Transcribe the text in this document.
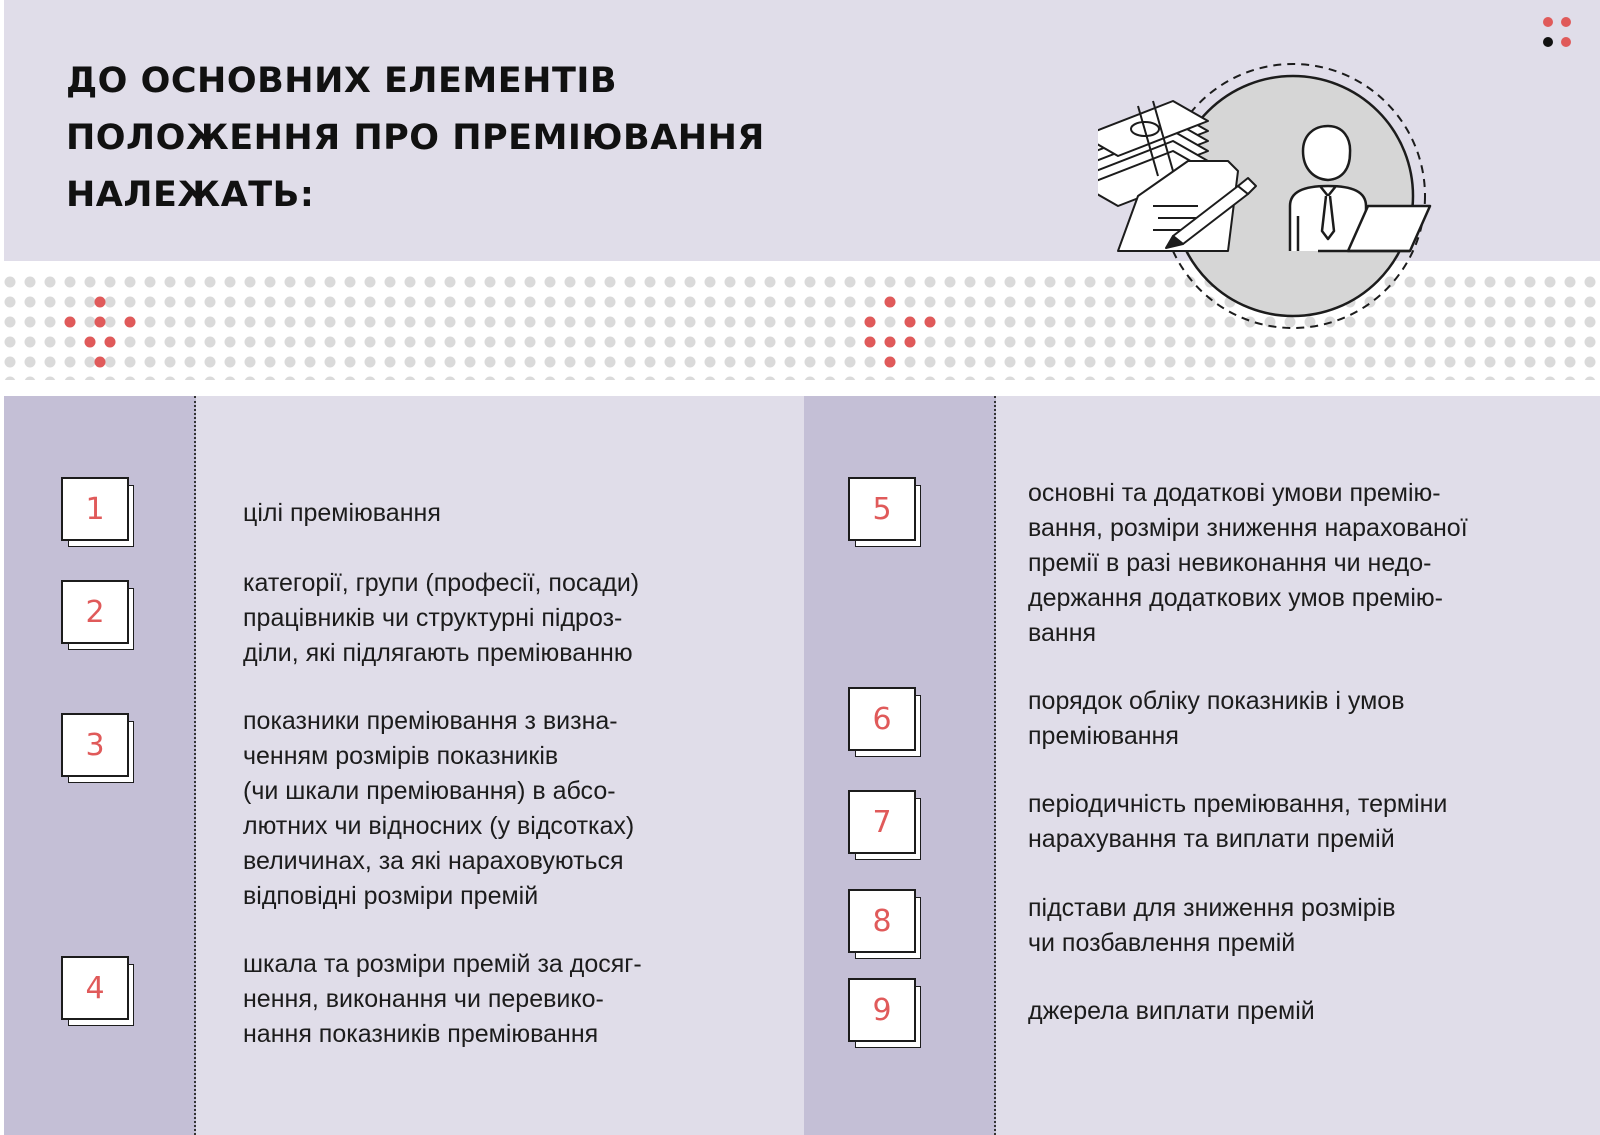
ДО ОСНОВНИХ ЕЛЕМЕНТІВ
ПОЛОЖЕННЯ ПРО ПРЕМІЮВАННЯ
НАЛЕЖАТЬ:
1	цілі преміювання
2
категорії, групи (професії, посади)
працівників чи структурні підроз-
діли, які підлягають преміюванню
3
показники преміювання з визна-
ченням розмірів показників
(чи шкали преміювання) в абсо-
лютних чи відносних (у відсотках)
величинах, за які нараховуються
відповідні розміри премій
4
шкала та розміри премій за досяг-
нення, виконання чи перевико-
нання показників преміювання
5	основні та додаткові умови премію-
вання, розміри зниження нарахованої
премії в разі невиконання чи недо-
держання додаткових умов премію-
вання
6
порядок обліку показників і умов
преміювання
7
періодичність преміювання, терміни
нарахування та виплати премій
8	підстави для зниження розмірів
чи позбавлення премій
9	джерела виплати премій
